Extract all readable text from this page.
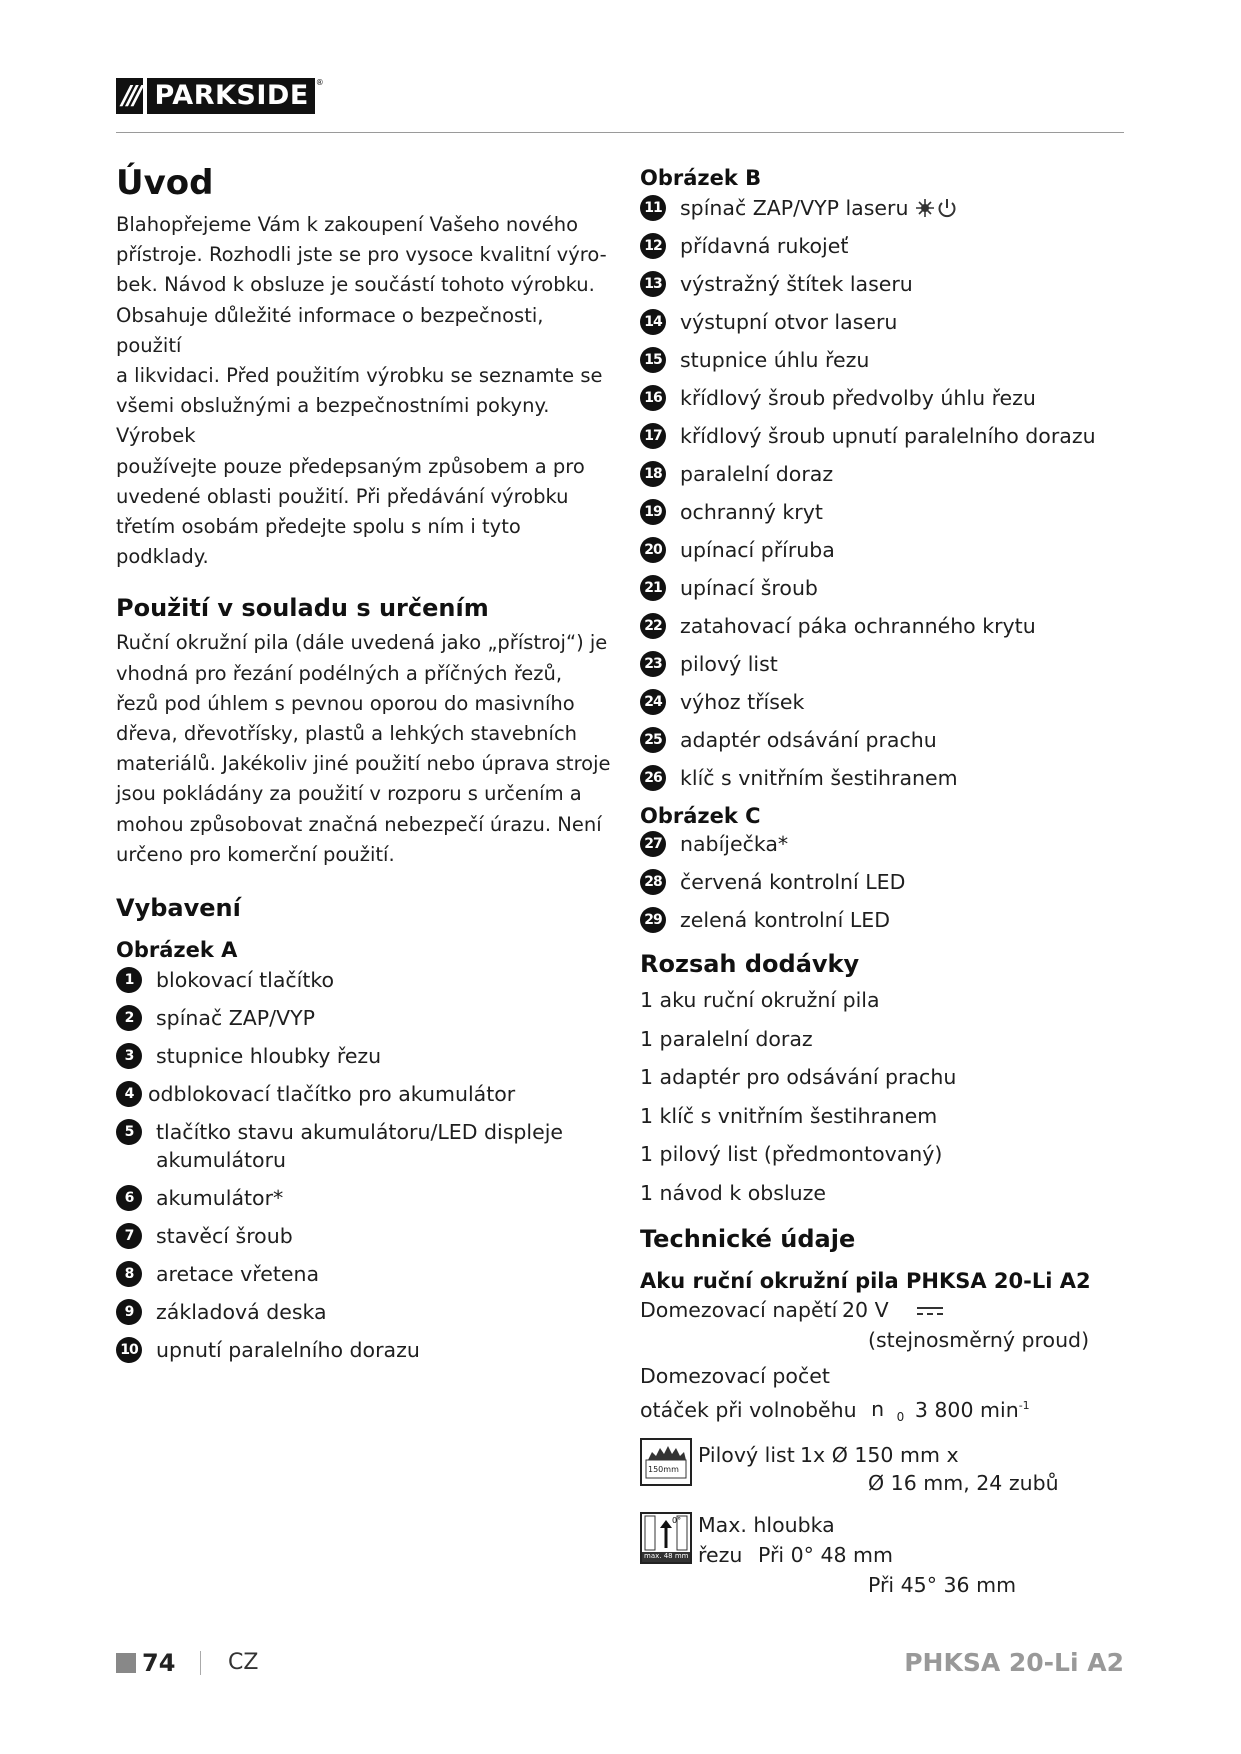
/// PARKSIDE ®
Úvod

Blahopřejeme Vám k zakoupení Vašeho nového

přístroje. Rozhodli jste se pro vysoce kvalitní výro-

bek. Návod k obsluze je součástí tohoto výrobku.

Obsahuje důležité informace o bezpečnosti, použití

a likvidaci. Před použitím výrobku se seznamte se

všemi obslužnými a bezpečnostními pokyny. Výrobek

používejte pouze předepsaným způsobem a pro

uvedené oblasti použití. Při předávání výrobku

třetím osobám předejte spolu s ním i tyto podklady.

Použití v souladu s určením

Ruční okružní pila (dále uvedená jako „přístroj“) je

vhodná pro řezání podélných a příčných řezů,

řezů pod úhlem s pevnou oporou do masivního

dřeva, dřevotřísky, plastů a lehkých stavebních

materiálů. Jakékoliv jiné použití nebo úprava stroje

jsou pokládány za použití v rozporu s určením a

mohou způsobovat značná nebezpečí úrazu. Není

určeno pro komerční použití.

Vybavení
Obrázek A
1	blokovací tlačítko
2	spínač ZAP/VYP
3	stupnice hloubky řezu
4 odblokovací tlačítko pro akumulátor
5	tlačítko stavu akumulátoru/LED displeje akumulátoru
6	akumulátor*
7	stavěcí šroub
8	aretace vřetena
9	základová deska
10 upnutí paralelního dorazu
Obrázek B
11 spínač ZAP/VYP laseru
12 přídavná rukojeť
13 výstražný štítek laseru
14 výstupní otvor laseru
15 stupnice úhlu řezu
16 křídlový šroub předvolby úhlu řezu
17 křídlový šroub upnutí paralelního dorazu
18 paralelní doraz
19 ochranný kryt
20 upínací příruba
21 upínací šroub
22 zatahovací páka ochranného krytu
23 pilový list
24 výhoz třísek
25 adaptér odsávání prachu
26 klíč s vnitřním šestihranem
Obrázek C
27 nabíječka*
28 červená kontrolní LED
29 zelená kontrolní LED
Rozsah dodávky
1 aku ruční okružní pila
1 paralelní doraz
1 adaptér pro odsávání prachu
1 klíč s vnitřním šestihranem
1 pilový list (předmontovaný)
1 návod k obsluze
Technické údaje
Aku ruční okružní pila PHKSA 20-Li A2
Domezovací napětí 20 V
(stejnosměrný proud)
Domezovací počet
otáček při volnoběhu n $_0$ 3 800 $\min^{-1}$
150mm
Pilový list 1x Ø 150 mm x
Ø 16 mm, 24 zubů
0°
max. 48 mm
Max. hloubka
řezu Při 0° 48 mm
Při 45° 36 mm
74 CZ	PHKSA 20-Li A2
